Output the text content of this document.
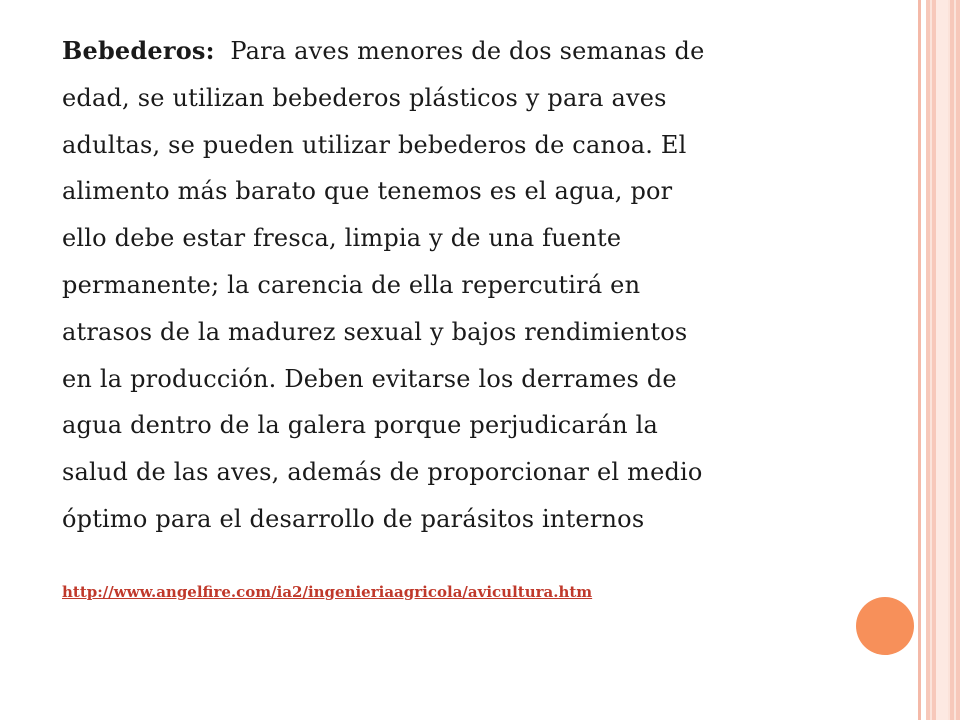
Bebederos: Para aves menores de dos semanas de
edad, se utilizan bebederos plásticos y para aves
adultas, se pueden utilizar bebederos de canoa. El
alimento más barato que tenemos es el agua, por
ello debe estar fresca, limpia y de una fuente
permanente; la carencia de ella repercutirá en
atrasos de la madurez sexual y bajos rendimientos
en la producción. Deben evitarse los derrames de
agua dentro de la galera porque perjudicarán la
salud de las aves, además de proporcionar el medio
óptimo para el desarrollo de parásitos internos

http://www.angelfire.com/ia2/ingenieriaagricola/avicultura.htm
